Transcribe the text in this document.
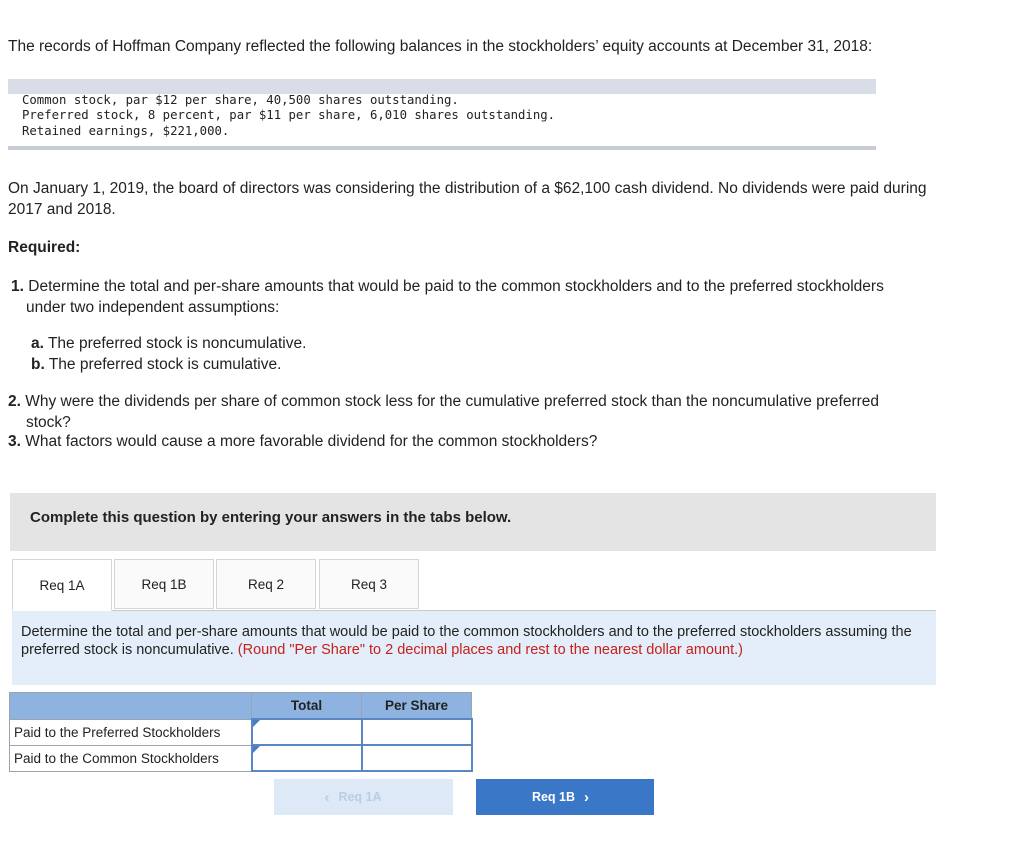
The records of Hoffman Company reflected the following balances in the stockholders’ equity accounts at December 31, 2018:
Common stock, par $12 per share, 40,500 shares outstanding.
Preferred stock, 8 percent, par $11 per share, 6,010 shares outstanding.
Retained earnings, $221,000.
On January 1, 2019, the board of directors was considering the distribution of a $62,100 cash dividend. No dividends were paid during
2017 and 2018.
Required:
1. Determine the total and per-share amounts that would be paid to the common stockholders and to the preferred stockholders
under two independent assumptions:
a. The preferred stock is noncumulative.
b. The preferred stock is cumulative.
2. Why were the dividends per share of common stock less for the cumulative preferred stock than the noncumulative preferred
stock?
3. What factors would cause a more favorable dividend for the common stockholders?
Complete this question by entering your answers in the tabs below.
Req 1A	Req 1B	Req 2	Req 3
Determine the total and per-share amounts that would be paid to the common stockholders and to the preferred stockholders assuming the preferred stock is noncumulative. (Round "Per Share" to 2 decimal places and rest to the nearest dollar amount.)
	Total	Per Share
Paid to the Preferred Stockholders	

Paid to the Common Stockholders	

‹ Req 1A	Req 1B ›
